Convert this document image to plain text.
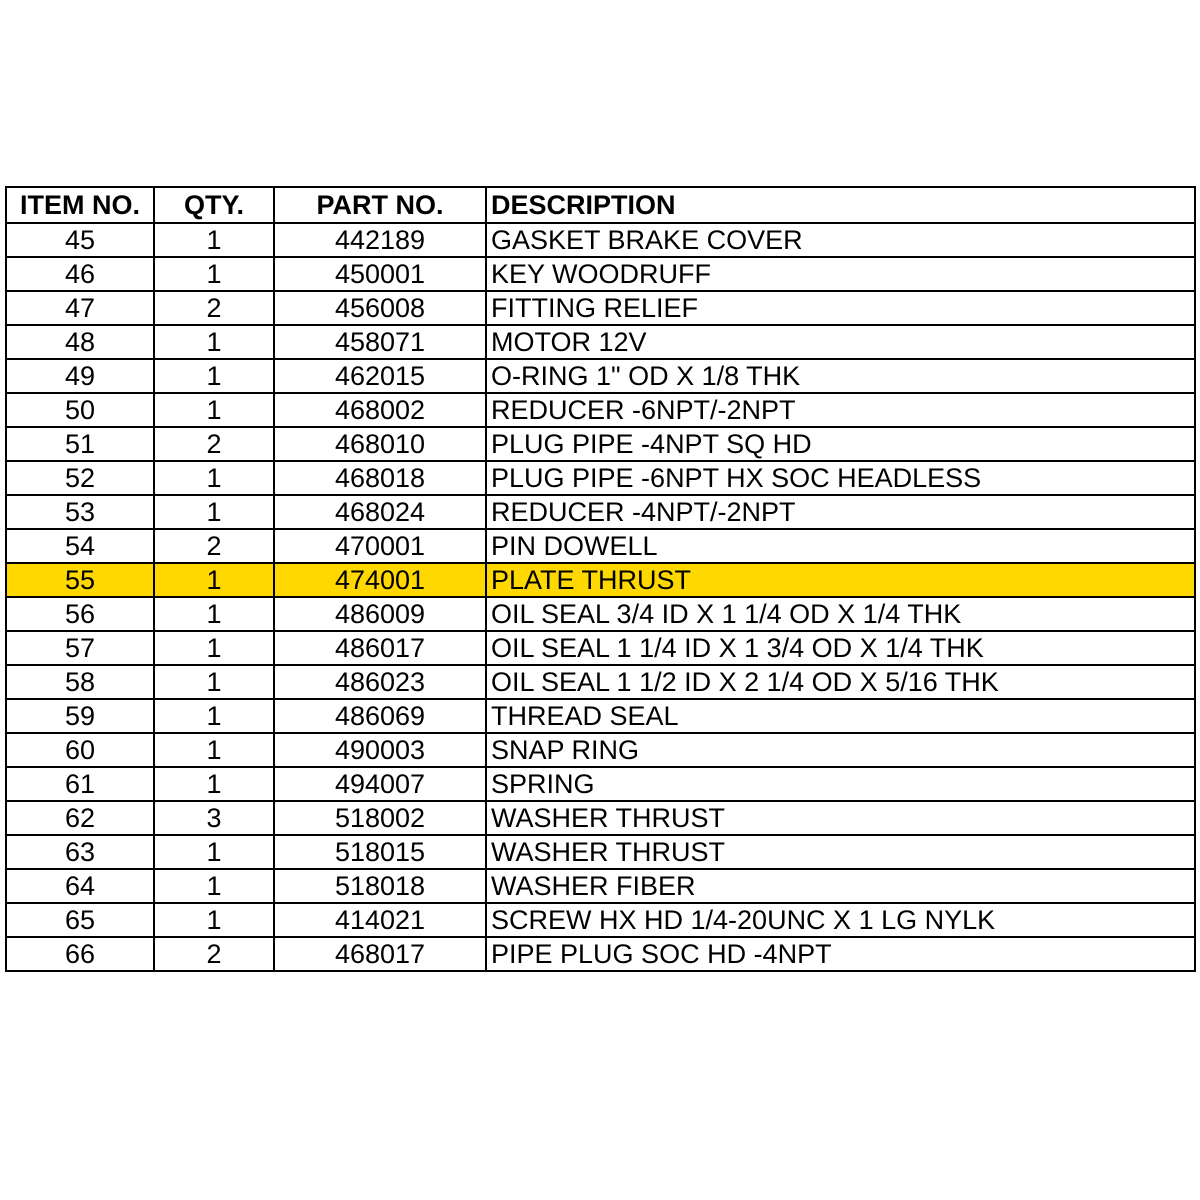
ITEM NO.	QTY.	PART NO.	DESCRIPTION
45	1	442189	GASKET BRAKE COVER
46	1	450001	KEY WOODRUFF
47	2	456008	FITTING RELIEF
48	1	458071	MOTOR 12V
49	1	462015	O-RING 1" OD X 1/8 THK
50	1	468002	REDUCER -6NPT/-2NPT
51	2	468010	PLUG PIPE -4NPT SQ HD
52	1	468018	PLUG PIPE -6NPT HX SOC HEADLESS
53	1	468024	REDUCER -4NPT/-2NPT
54	2	470001	PIN DOWELL
55	1	474001	PLATE THRUST
56	1	486009	OIL SEAL 3/4 ID X 1 1/4 OD X 1/4 THK
57	1	486017	OIL SEAL 1 1/4 ID X 1 3/4 OD X 1/4 THK
58	1	486023	OIL SEAL 1 1/2 ID X 2 1/4 OD X 5/16 THK
59	1	486069	THREAD SEAL
60	1	490003	SNAP RING
61	1	494007	SPRING
62	3	518002	WASHER THRUST
63	1	518015	WASHER THRUST
64	1	518018	WASHER FIBER
65	1	414021	SCREW HX HD 1/4-20UNC X 1 LG NYLK
66	2	468017	PIPE PLUG SOC HD -4NPT
